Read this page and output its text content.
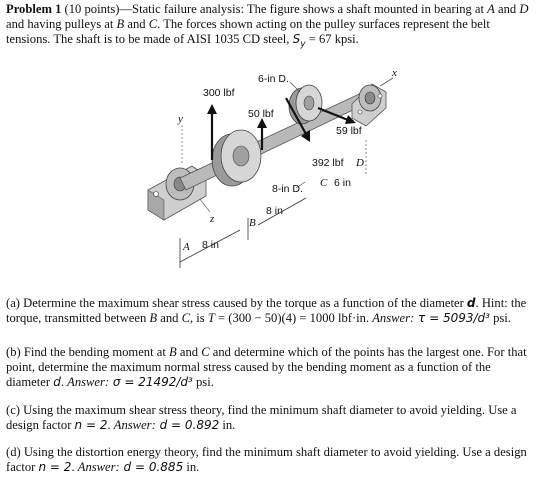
Problem 1 (10 points)—Static failure analysis: The figure shows a shaft mounted in bearing at A and D and having pulleys at B and C. The forces shown acting on the pulley surfaces represent the belt tensions. The shaft is to be made of AISI 1035 CD steel, $S_y = 67$ kpsi.
6-in D.
300 lbf
50 lbf
59 lbf
392 lbf D
C 6 in
8-in D.
8 in
B
8 in
A
x
y
z
(a) Determine the maximum shear stress caused by the torque as a function of the diameter d. Hint: the torque, transmitted between B and C, is T = (300 − 50)(4) = 1000 lbf·in. Answer: τ = 5093/d³ psi.
(b) Find the bending moment at B and C and determine which of the points has the largest one. For that point, determine the maximum normal stress caused by the bending moment as a function of the diameter d. Answer: σ = 21492/d³ psi.
(c) Using the maximum shear stress theory, find the minimum shaft diameter to avoid yielding. Use a design factor n = 2. Answer: d = 0.892 in.
(d) Using the distortion energy theory, find the minimum shaft diameter to avoid yielding. Use a design factor n = 2. Answer: d = 0.885 in.
